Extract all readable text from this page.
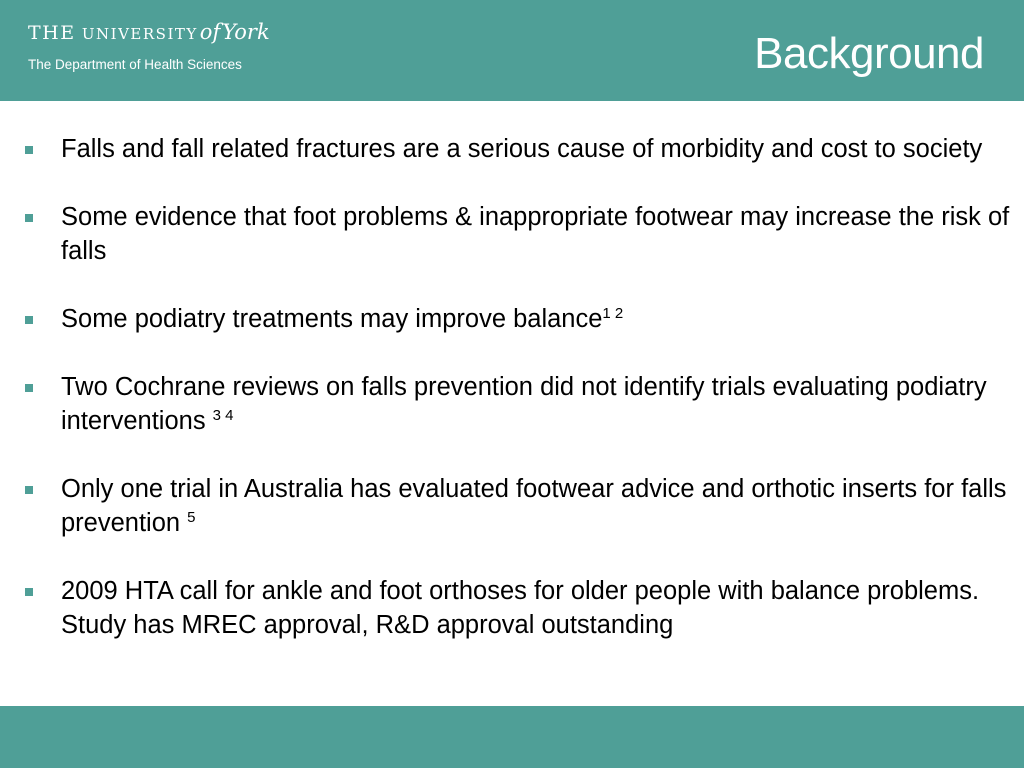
THE UNIVERSITYofYork
The Department of Health Sciences	Background
Falls and fall related fractures are a serious cause of morbidity and cost to society
Some evidence that foot problems & inappropriate footwear may increase the risk of falls
Some podiatry treatments may improve balance$^{1 2}$
Two Cochrane reviews on falls prevention did not identify trials evaluating podiatry interventions $^{3 4}$
Only one trial in Australia has evaluated footwear advice and orthotic inserts for falls prevention $^5$
2009 HTA call for ankle and foot orthoses for older people with balance problems. Study has MREC approval, R&D approval outstanding
